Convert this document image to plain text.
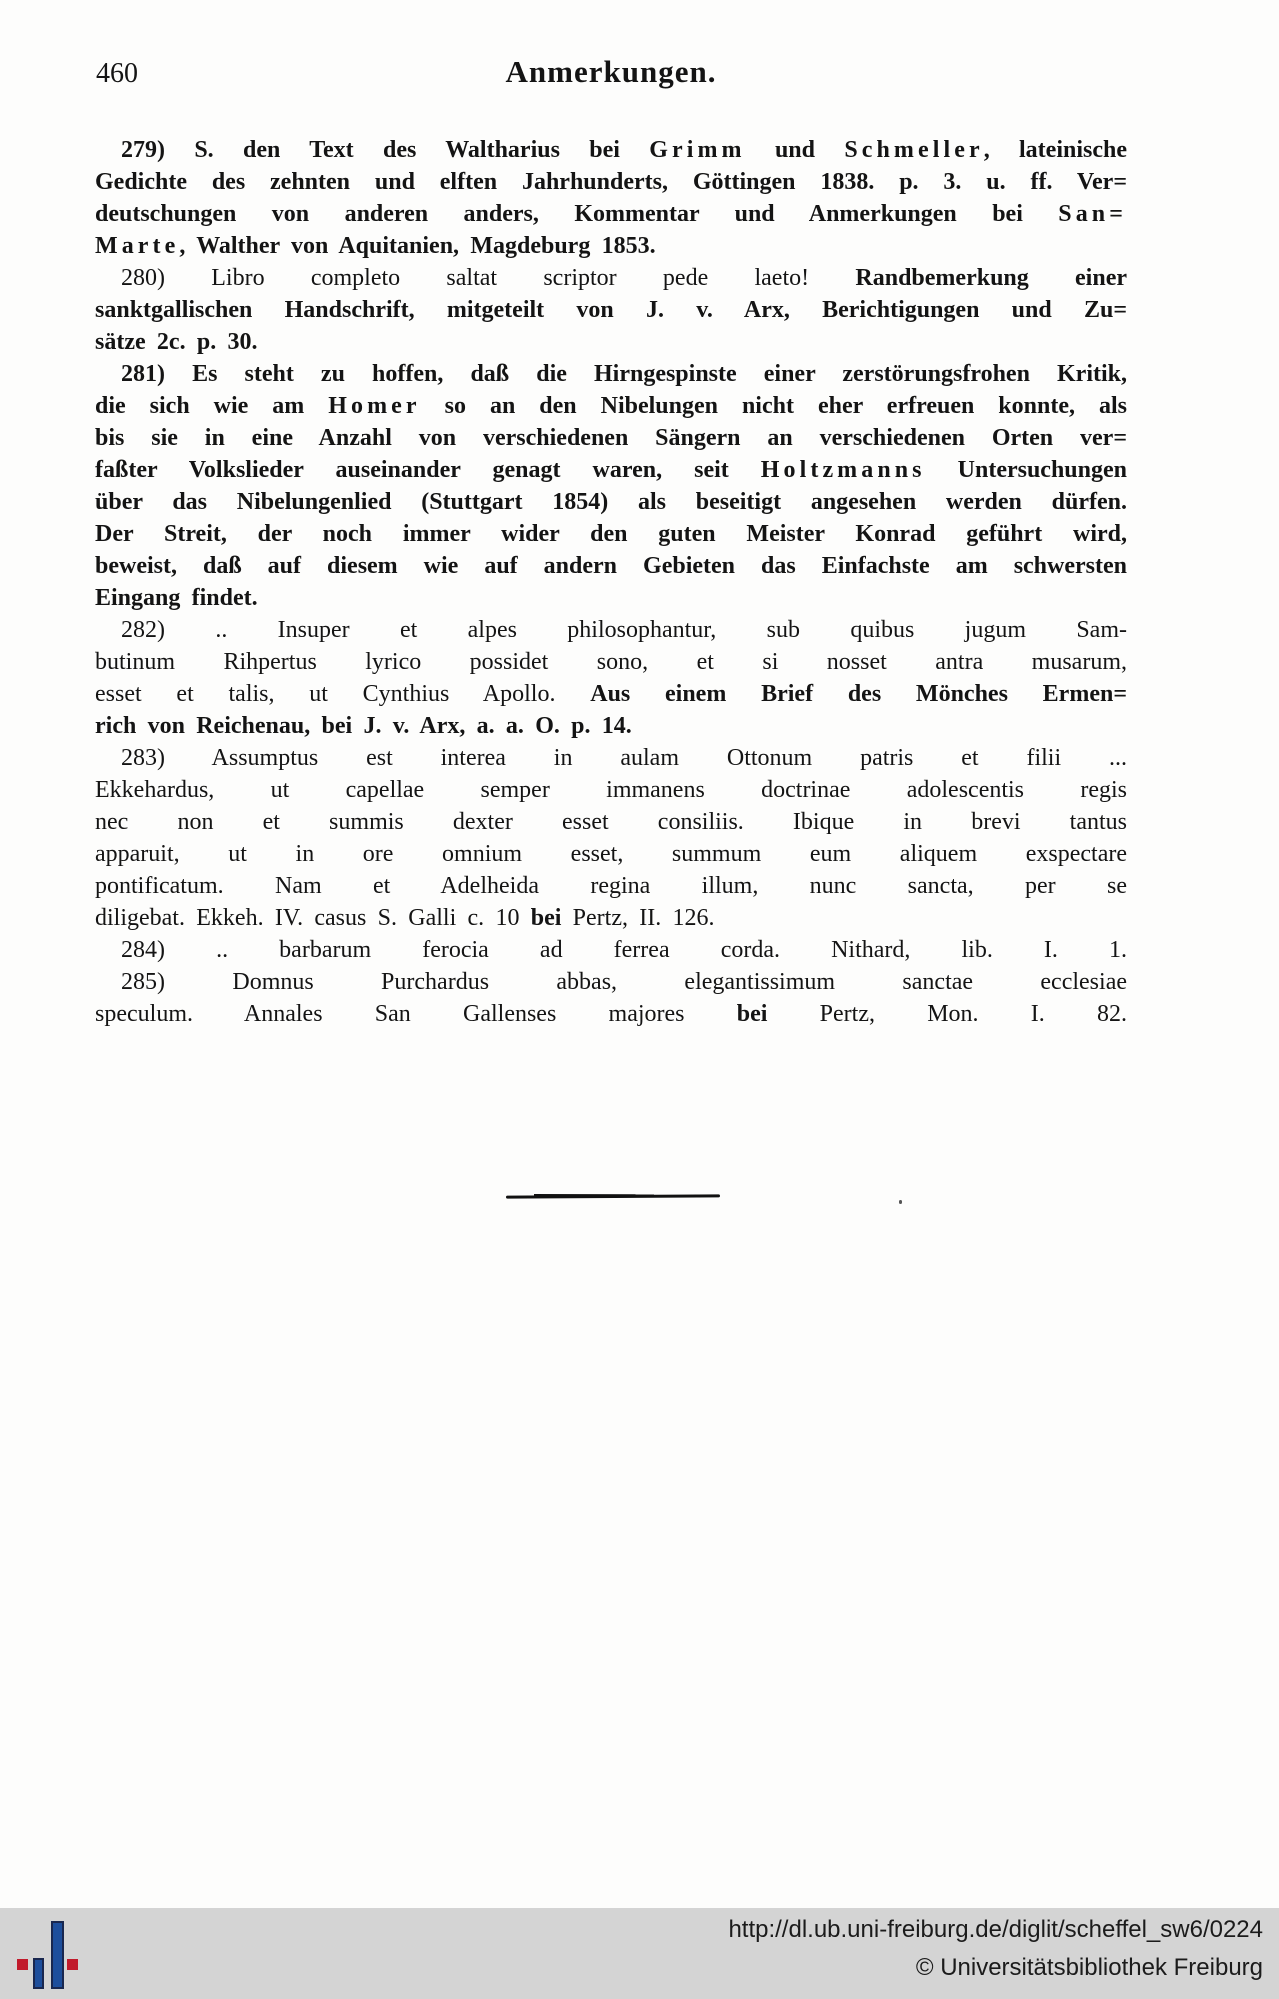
460	Anmerkungen.
279) S. den Text des Waltharius bei Grimm und Schmeller, lateinische
Gedichte des zehnten und elften Jahrhunderts, Göttingen 1838. p. 3. u. ff. Ver=
deutschungen von anderen anders, Kommentar und Anmerkungen bei San=
Marte, Walther von Aquitanien, Magdeburg 1853.
280) Libro completo saltat scriptor pede laeto! Randbemerkung einer
sanktgallischen Handschrift, mitgeteilt von J. v. Arx, Berichtigungen und Zu=
sätze 2c. p. 30.
281) Es steht zu hoffen, daß die Hirngespinste einer zerstörungsfrohen Kritik,
die sich wie am Homer so an den Nibelungen nicht eher erfreuen konnte, als
bis sie in eine Anzahl von verschiedenen Sängern an verschiedenen Orten ver=
faßter Volkslieder auseinander genagt waren, seit Holtzmanns Untersuchungen
über das Nibelungenlied (Stuttgart 1854) als beseitigt angesehen werden dürfen.
Der Streit, der noch immer wider den guten Meister Konrad geführt wird,
beweist, daß auf diesem wie auf andern Gebieten das Einfachste am schwersten
Eingang findet.
282) .. Insuper et alpes philosophantur, sub quibus jugum Sam-
butinum Rihpertus lyrico possidet sono, et si nosset antra musarum,
esset et talis, ut Cynthius Apollo. Aus einem Brief des Mönches Ermen=
rich von Reichenau, bei J. v. Arx, a. a. O. p. 14.
283) Assumptus est interea in aulam Ottonum patris et filii ...
Ekkehardus, ut capellae semper immanens doctrinae adolescentis regis
nec non et summis dexter esset consiliis. Ibique in brevi tantus
apparuit, ut in ore omnium esset, summum eum aliquem exspectare
pontificatum. Nam et Adelheida regina illum, nunc sancta, per se
diligebat. Ekkeh. IV. casus S. Galli c. 10 bei Pertz, II. 126.
284) .. barbarum ferocia ad ferrea corda. Nithard, lib. I. 1.
285) Domnus Purchardus abbas, elegantissimum sanctae ecclesiae
speculum. Annales San Gallenses majores bei Pertz, Mon. I. 82.
http://dl.ub.uni-freiburg.de/diglit/scheffel_sw6/0224
© Universitätsbibliothek Freiburg
